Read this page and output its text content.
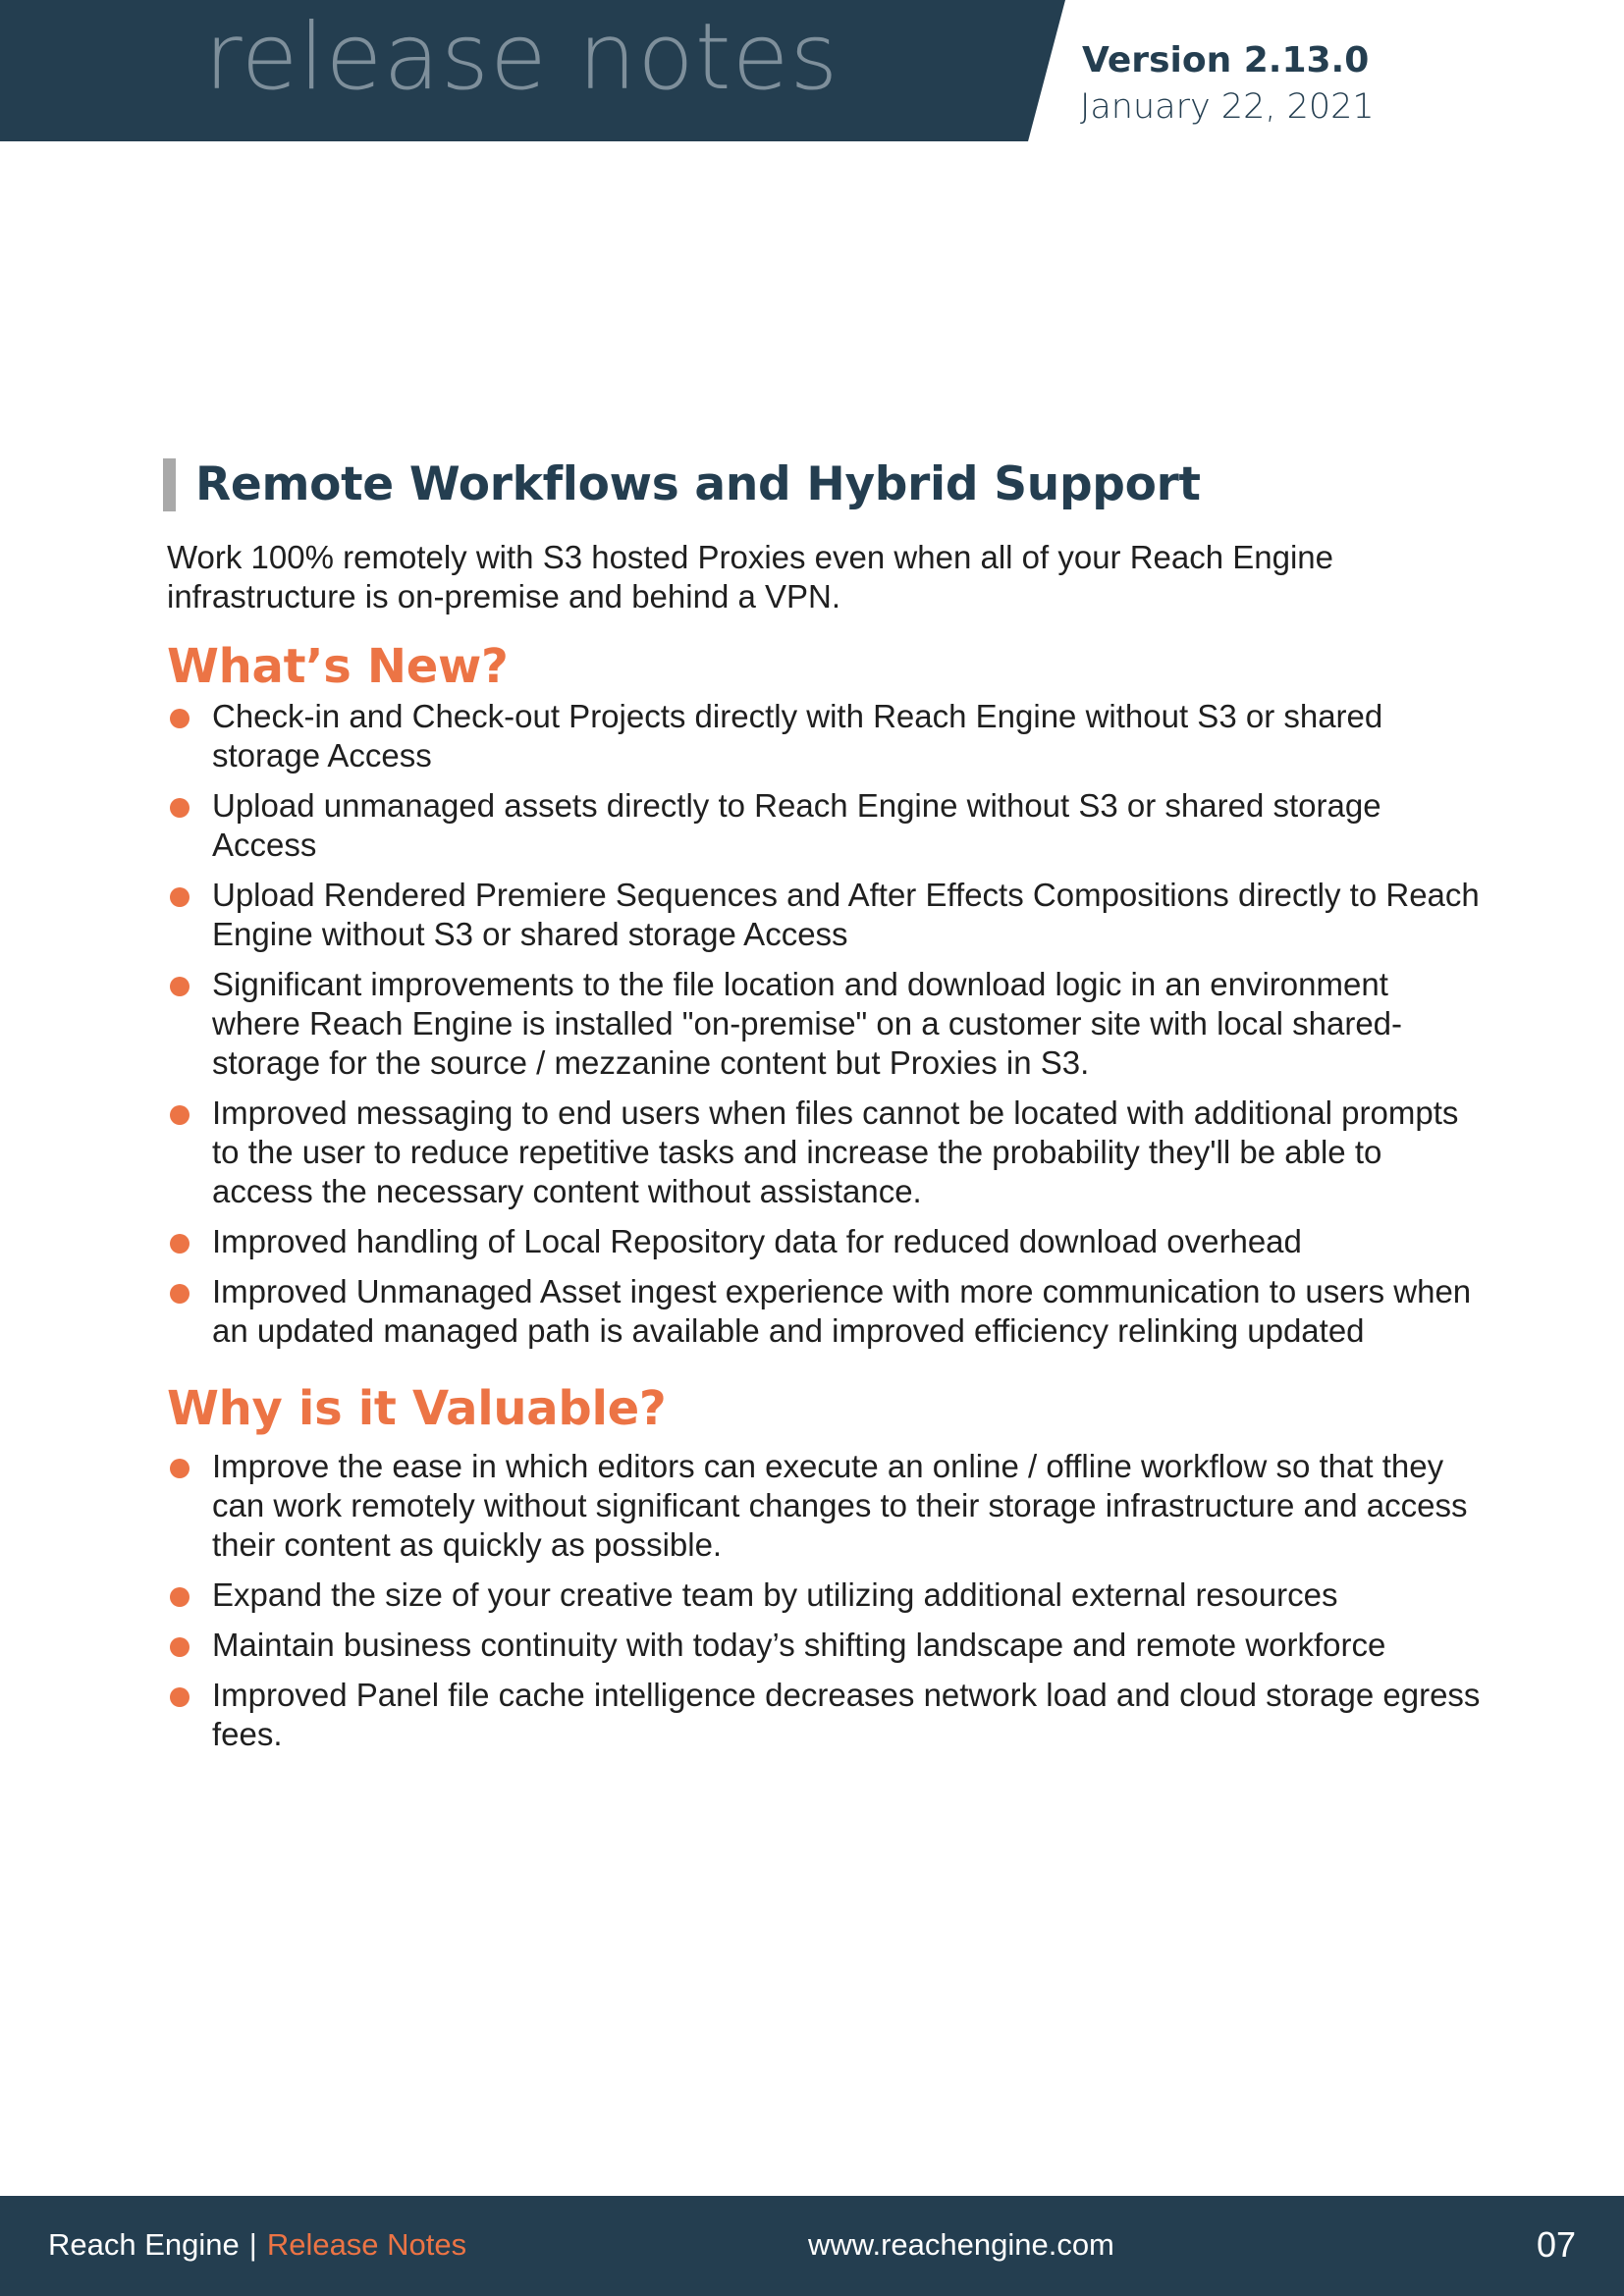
release notes	Version 2.13.0
January 22, 2021
Remote Workflows and Hybrid Support
Work 100% remotely with S3 hosted Proxies even when all of your Reach Engine infrastructure is on-premise and behind a VPN.
What’s New?
Check-in and Check-out Projects directly with Reach Engine without S3 or shared storage Access
Upload unmanaged assets directly to Reach Engine without S3 or shared storage Access
Upload Rendered Premiere Sequences and After Effects Compositions directly to Reach Engine without S3 or shared storage Access
Significant improvements to the file location and download logic in an environment where Reach Engine is installed "on-premise" on a customer site with local shared-storage for the source / mezzanine content but Proxies in S3.
Improved messaging to end users when files cannot be located with additional prompts to the user to reduce repetitive tasks and increase the probability they'll be able to access the necessary content without assistance.
Improved handling of Local Repository data for reduced download overhead
Improved Unmanaged Asset ingest experience with more communication to users when an updated managed path is available and improved efficiency relinking updated
Why is it Valuable?
Improve the ease in which editors can execute an online / offline workflow so that they can work remotely without significant changes to their storage infrastructure and access their content as quickly as possible.
Expand the size of your creative team by utilizing additional external resources
Maintain business continuity with today’s shifting landscape and remote workforce
Improved Panel file cache intelligence decreases network load and cloud storage egress fees.
Reach Engine | Release Notes	www.reachengine.com	07
